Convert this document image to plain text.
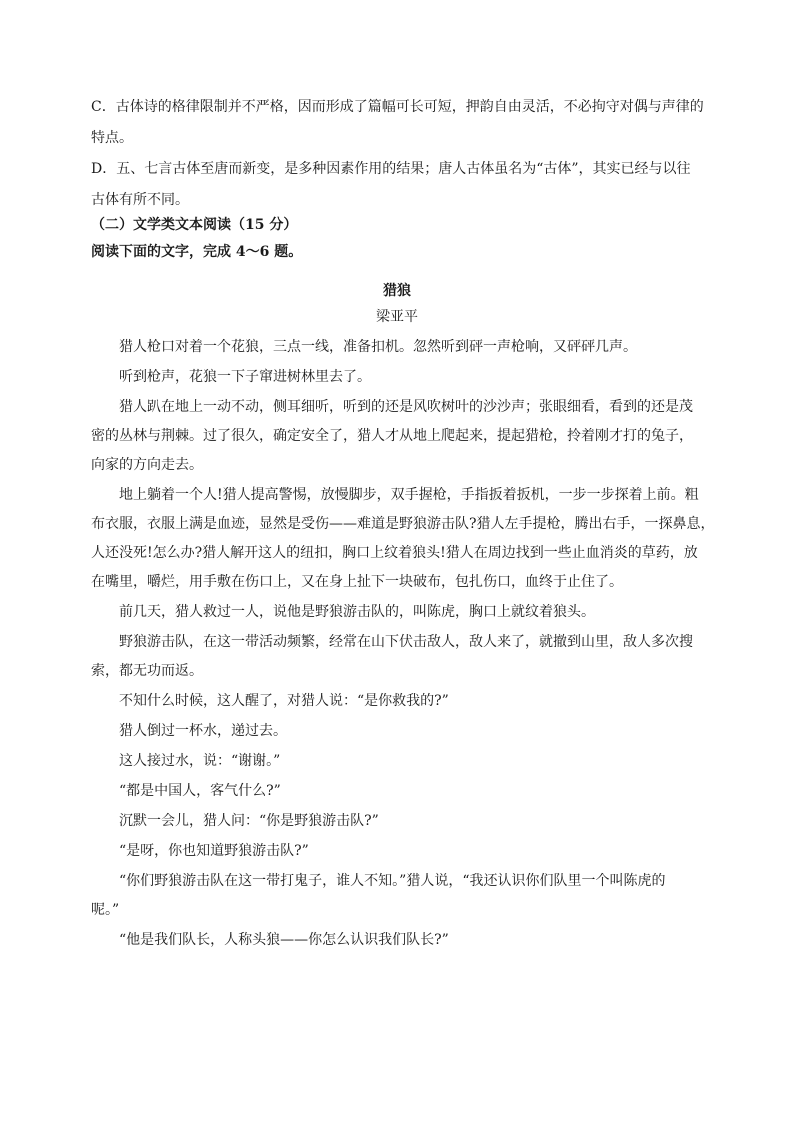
C．古体诗的格律限制并不严格，因而形成了篇幅可长可短，押韵自由灵活，不必拘守对偶与声律的

特点。

D．五、七言古体至唐而新变，是多种因素作用的结果；唐人古体虽名为“古体”，其实已经与以往

古体有所不同。

（二）文学类文本阅读（15 分）

阅读下面的文字，完成 4～6 题。

猎狼
梁亚平

猎人枪口对着一个花狼，三点一线，准备扣机。忽然听到砰一声枪响，又砰砰几声。

听到枪声，花狼一下子窜进树林里去了。

猎人趴在地上一动不动，侧耳细听，听到的还是风吹树叶的沙沙声；张眼细看，看到的还是茂

密的丛林与荆棘。过了很久，确定安全了，猎人才从地上爬起来，提起猎枪，拎着刚才打的兔子，

向家的方向走去。

地上躺着一个人!猎人提高警惕，放慢脚步，双手握枪，手指扳着扳机，一步一步探着上前。粗

布衣服，衣服上满是血迹，显然是受伤——难道是野狼游击队?猎人左手提枪，腾出右手，一探鼻息，

人还没死!怎么办?猎人解开这人的纽扣，胸口上纹着狼头!猎人在周边找到一些止血消炎的草药，放

在嘴里，嚼烂，用手敷在伤口上，又在身上扯下一块破布，包扎伤口，血终于止住了。

前几天，猎人救过一人，说他是野狼游击队的，叫陈虎，胸口上就纹着狼头。

野狼游击队，在这一带活动频繁，经常在山下伏击敌人，敌人来了，就撤到山里，敌人多次搜

索，都无功而返。

不知什么时候，这人醒了，对猎人说：“是你救我的?”

猎人倒过一杯水，递过去。

这人接过水，说：“谢谢。”

“都是中国人，客气什么?”

沉默一会儿，猎人问：“你是野狼游击队?”

“是呀，你也知道野狼游击队?”

“你们野狼游击队在这一带打鬼子，谁人不知。”猎人说，“我还认识你们队里一个叫陈虎的

呢。”

“他是我们队长，人称头狼——你怎么认识我们队长?”
